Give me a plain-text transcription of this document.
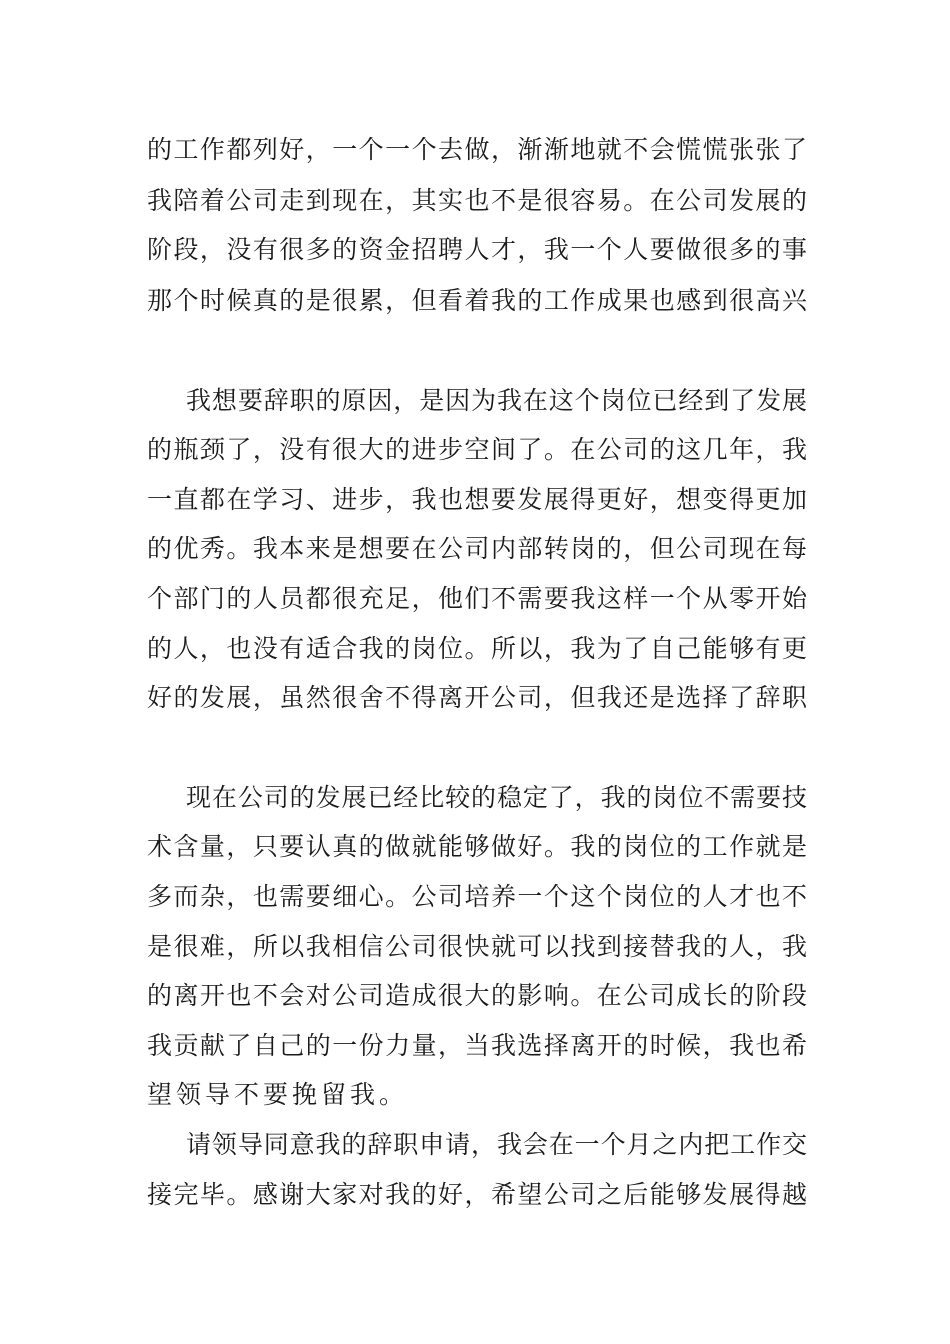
的工作都列好，一个一个去做，渐渐地就不会慌慌张张了
我陪着公司走到现在，其实也不是很容易。在公司发展的
阶段，没有很多的资金招聘人才，我一个人要做很多的事
那个时候真的是很累，但看着我的工作成果也感到很高兴
我想要辞职的原因，是因为我在这个岗位已经到了发展
的瓶颈了，没有很大的进步空间了。在公司的这几年，我
一直都在学习、进步，我也想要发展得更好，想变得更加
的优秀。我本来是想要在公司内部转岗的，但公司现在每
个部门的人员都很充足，他们不需要我这样一个从零开始
的人，也没有适合我的岗位。所以，我为了自己能够有更
好的发展，虽然很舍不得离开公司，但我还是选择了辞职
现在公司的发展已经比较的稳定了，我的岗位不需要技
术含量，只要认真的做就能够做好。我的岗位的工作就是
多而杂，也需要细心。公司培养一个这个岗位的人才也不
是很难，所以我相信公司很快就可以找到接替我的人，我
的离开也不会对公司造成很大的影响。在公司成长的阶段
我贡献了自己的一份力量，当我选择离开的时候，我也希
望领导不要挽留我。
请领导同意我的辞职申请，我会在一个月之内把工作交
接完毕。感谢大家对我的好，希望公司之后能够发展得越
